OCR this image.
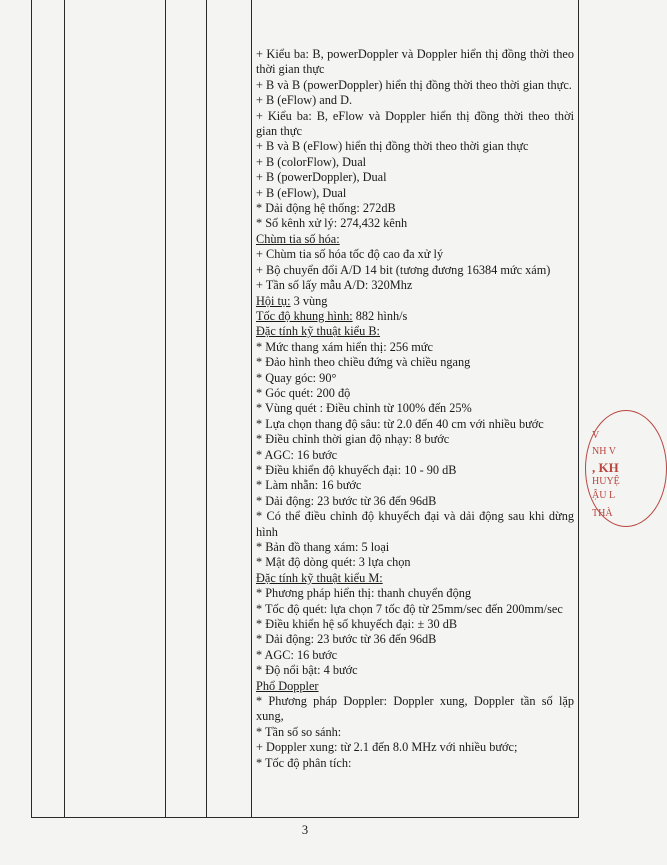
+ Kiểu ba: B, powerDoppler và Doppler hiển thị đồng thời theo thời gian thực

+ B và B (powerDoppler) hiển thị đồng thời theo thời gian thực.

+ B (eFlow) and D.

+ Kiểu ba: B, eFlow và Doppler hiển thị đồng thời theo thời gian thực

+ B và B (eFlow) hiển thị đồng thời theo thời gian thực

+ B (colorFlow), Dual

+ B (powerDoppler), Dual

+ B (eFlow), Dual

* Dải động hệ thống: 272dB

* Số kênh xử lý: 274,432 kênh

Chùm tia số hóa:

+ Chùm tia số hóa tốc độ cao đa xử lý

+ Bộ chuyển đổi A/D 14 bit (tương đương 16384 mức xám)

+ Tần số lấy mẫu A/D: 320Mhz

Hội tụ: 3 vùng

Tốc độ khung hình: 882 hình/s

Đặc tính kỹ thuật kiểu B:

* Mức thang xám hiển thị: 256 mức

* Đảo hình theo chiều đứng và chiều ngang

* Quay góc: 90°

* Góc quét: 200 độ

* Vùng quét : Điều chỉnh từ 100% đến 25%

* Lựa chọn thang độ sâu: từ 2.0 đến 40 cm với nhiều bước

* Điều chỉnh thời gian độ nhạy: 8 bước

* AGC: 16 bước

* Điều khiển độ khuyếch đại: 10 - 90 dB

* Làm nhẵn: 16 bước

* Dải động: 23 bước từ 36 đến 96dB

* Có thể điều chỉnh độ khuyếch đại và dải động sau khi dừng hình

* Bản đồ thang xám: 5 loại

* Mật độ dòng quét: 3 lựa chọn

Đặc tính kỹ thuật kiểu M:

* Phương pháp hiển thị: thanh chuyển động

* Tốc độ quét: lựa chọn 7 tốc độ từ 25mm/sec đến 200mm/sec

* Điều khiển hệ số khuyếch đại: ± 30 dB

* Dải động: 23 bước từ 36 đến 96dB

* AGC: 16 bước

* Độ nổi bật: 4 bước

Phổ Doppler

* Phương pháp Doppler: Doppler xung, Doppler tần số lặp xung,

* Tần số so sánh:

+ Doppler xung: từ 2.1 đến 8.0 MHz với nhiều bước;

* Tốc độ phân tích:

3
V
NH V
, KH
HUYỆ
ẬU L
THÀ
